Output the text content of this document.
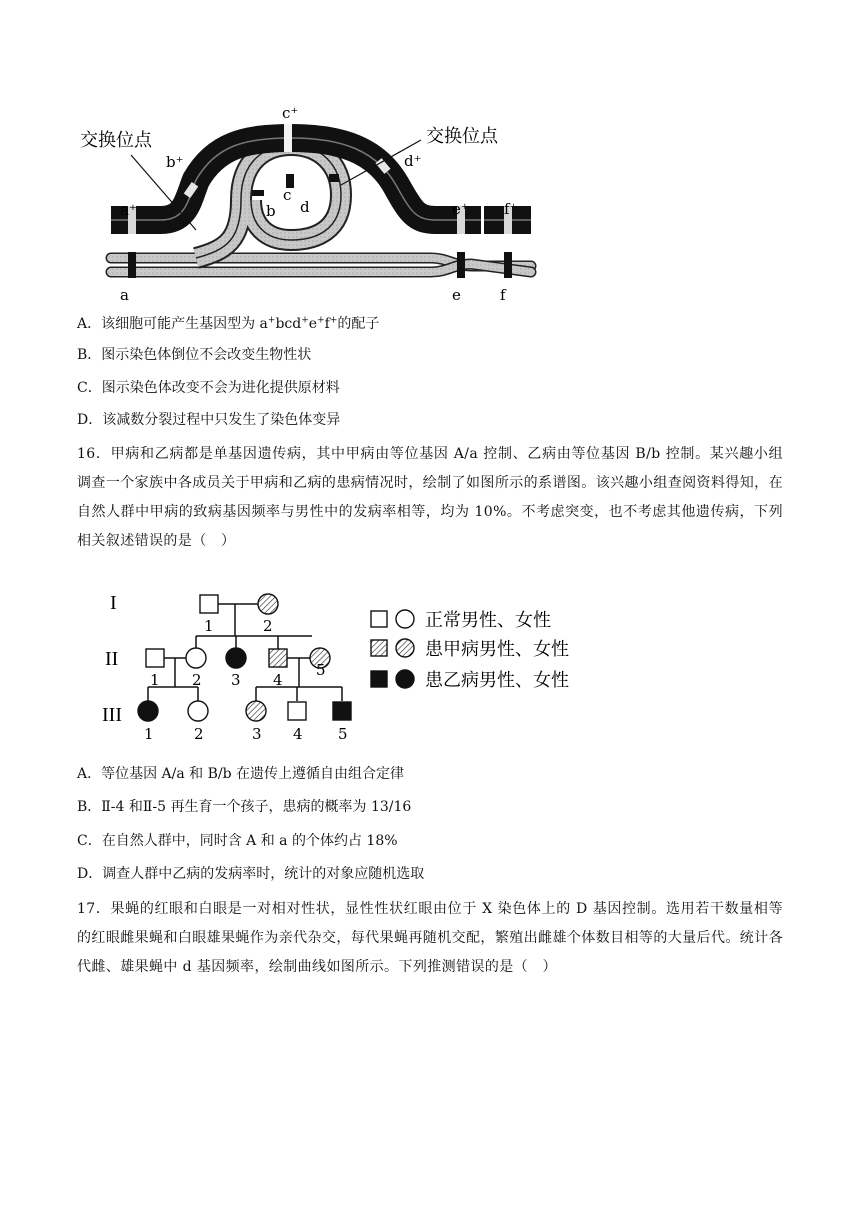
交换位点	交换位点
a⁺
b⁺
c⁺
d⁺
e⁺ f⁺
b
c
d
a	e	f
A．该细胞可能产生基因型为 a+bcd+e+f+的配子
B．图示染色体倒位不会改变生物性状
C．图示染色体改变不会为进化提供原材料
D．该减数分裂过程中只发生了染色体变异
16．甲病和乙病都是单基因遗传病，其中甲病由等位基因 A/a 控制、乙病由等位基因 B/b 控制。某兴趣小组调查一个家族中各成员关于甲病和乙病的患病情况时，绘制了如图所示的系谱图。该兴趣小组查阅资料得知，在自然人群中甲病的致病基因频率与男性中的发病率相等，均为 10%。不考虑突变，也不考虑其他遗传病，下列相关叙述错误的是（　）
I
II
III
1	2
1 2 3 4
5
1	2	3 4 5
正常男性、女性
患甲病男性、女性
患乙病男性、女性
A．等位基因 A/a 和 B/b 在遗传上遵循自由组合定律
B．Ⅱ-4 和Ⅱ-5 再生育一个孩子，患病的概率为 13/16
C．在自然人群中，同时含 A 和 a 的个体约占 18%
D．调查人群中乙病的发病率时，统计的对象应随机选取
17．果蝇的红眼和白眼是一对相对性状，显性性状红眼由位于 X 染色体上的 D 基因控制。选用若干数量相等的红眼雌果蝇和白眼雄果蝇作为亲代杂交，每代果蝇再随机交配，繁殖出雌雄个体数目相等的大量后代。统计各代雌、雄果蝇中 d 基因频率，绘制曲线如图所示。下列推测错误的是（　）
